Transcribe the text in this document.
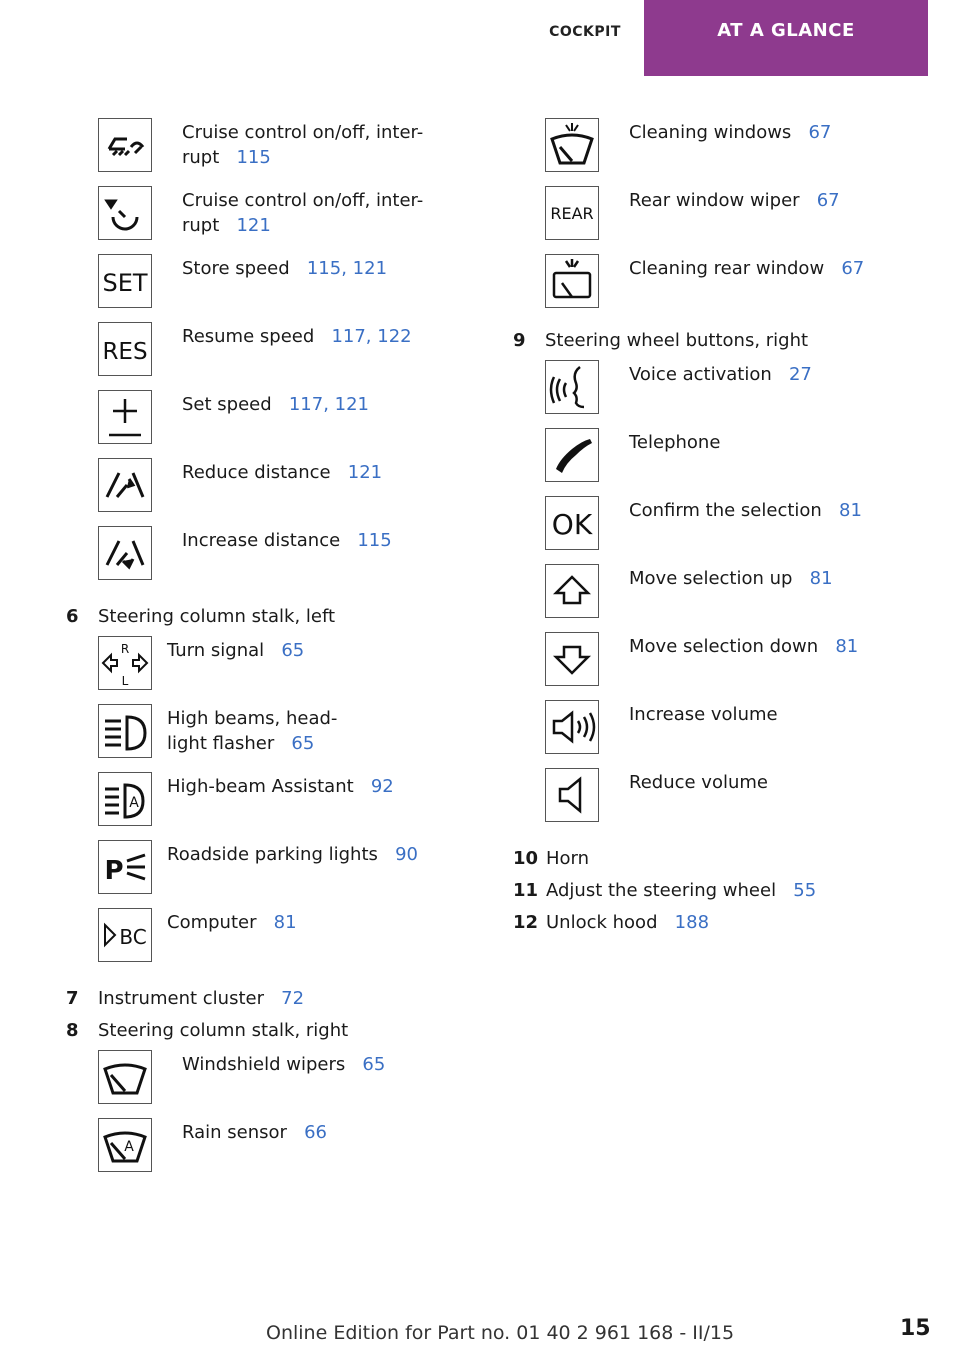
COCKPIT	AT A GLANCE
Cruise control on/off, inter-
rupt 115
Cruise control on/off, inter-
rupt 121
SET
Store speed 115, 121
RES
Resume speed 117, 122
Set speed 117, 121
Reduce distance 121
Increase distance 115
6 Steering column stalk, left
R
L
Turn signal 65
High beams, head-
light flasher 65
A
High-beam Assistant 92
P
Roadside parking lights 90
BC
Computer 81
7 Instrument cluster 72
8 Steering column stalk, right
Windshield wipers 65
A
Rain sensor 66
Cleaning windows 67
REAR
Rear window wiper 67
Cleaning rear window 67
9 Steering wheel buttons, right
Voice activation 27
Telephone
OK Confirm the selection 81
Move selection up 81
Move selection down 81
Increase volume
Reduce volume
10 Horn
11 Adjust the steering wheel 55
12 Unlock hood 188
Online Edition for Part no. 01 40 2 961 168 - II/15	15
